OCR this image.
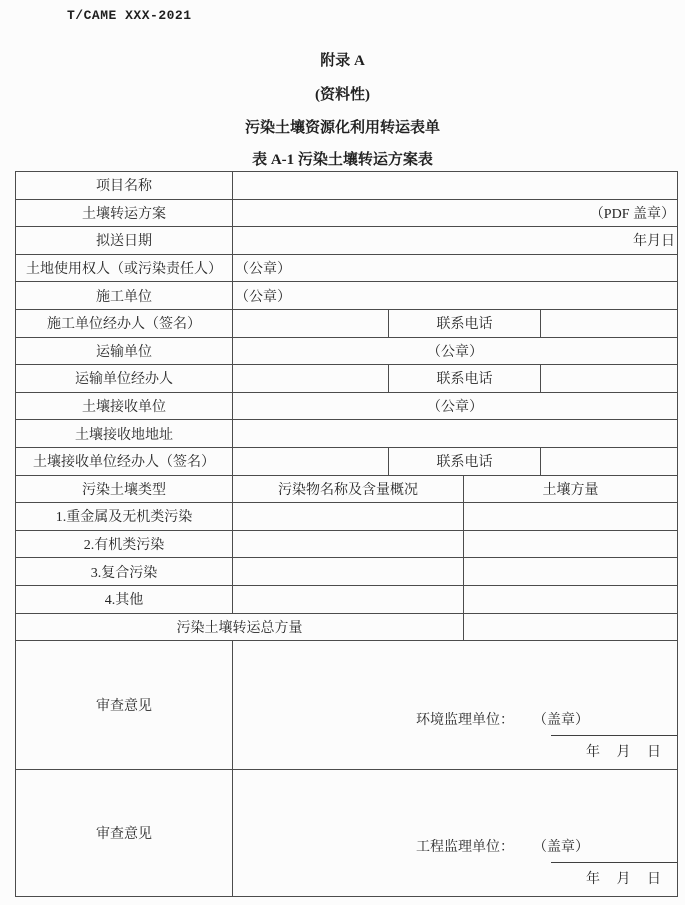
T/CAME XXX-2021
附录 A
(资料性)
污染土壤资源化利用转运表单
表 A-1 污染土壤转运方案表
项目名称				
土壤转运方案	（PDF 盖章）			
拟送日期	年月日			
土地使用权人（或污染责任人）	（公章）			
施工单位	（公章）			
施工单位经办人（签名）		联系电话		
运输单位	（公章）			
运输单位经办人		联系电话		
土壤接收单位	（公章）			
土壤接收地地址				
土壤接收单位经办人（签名）		联系电话		
污染土壤类型	污染物名称及含量概况		土壤方量	
1.重金属及无机类污染				
2.有机类污染				
3.复合污染				
4.其他				
污染土壤转运总方量				
审查意见	环境监理单位： （盖章）
年 月 日			

审查意见	工程监理单位： （盖章）
年 月 日			
